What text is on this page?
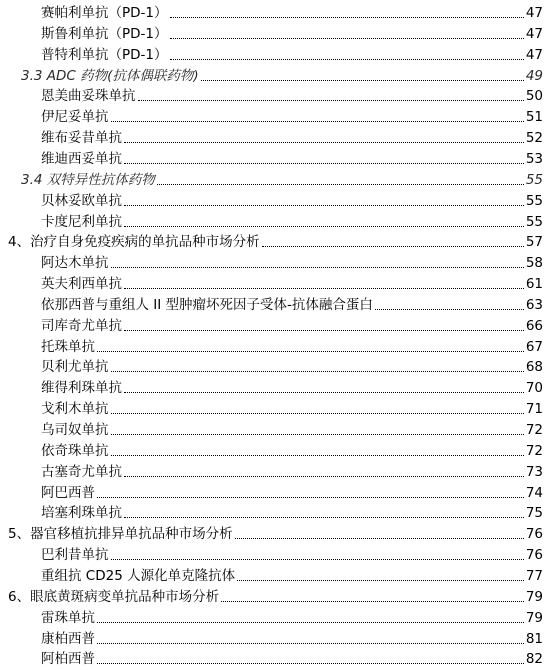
赛帕利单抗（PD-1）	47
斯鲁利单抗（PD-1）	47
普特利单抗（PD-1）	47
3.3 ADC 药物(抗体偶联药物)	49
恩美曲妥珠单抗	50
伊尼妥单抗	51
维布妥昔单抗	52
维迪西妥单抗	53
3.4 双特异性抗体药物	55
贝林妥欧单抗	55
卡度尼利单抗	55
4、治疗自身免疫疾病的单抗品种市场分析	57
阿达木单抗	58
英夫利西单抗	61
依那西普与重组人 II 型肿瘤坏死因子受体-抗体融合蛋白	63
司库奇尤单抗	66
托珠单抗	67
贝利尤单抗	68
维得利珠单抗	70
戈利木单抗	71
乌司奴单抗	72
依奇珠单抗	72
古塞奇尤单抗	73
阿巴西普	74
培塞利珠单抗	75
5、器官移植抗排异单抗品种市场分析	76
巴利昔单抗	76
重组抗 CD25 人源化单克隆抗体	77
6、眼底黄斑病变单抗品种市场分析	79
雷珠单抗	79
康柏西普	81
阿柏西普	82
